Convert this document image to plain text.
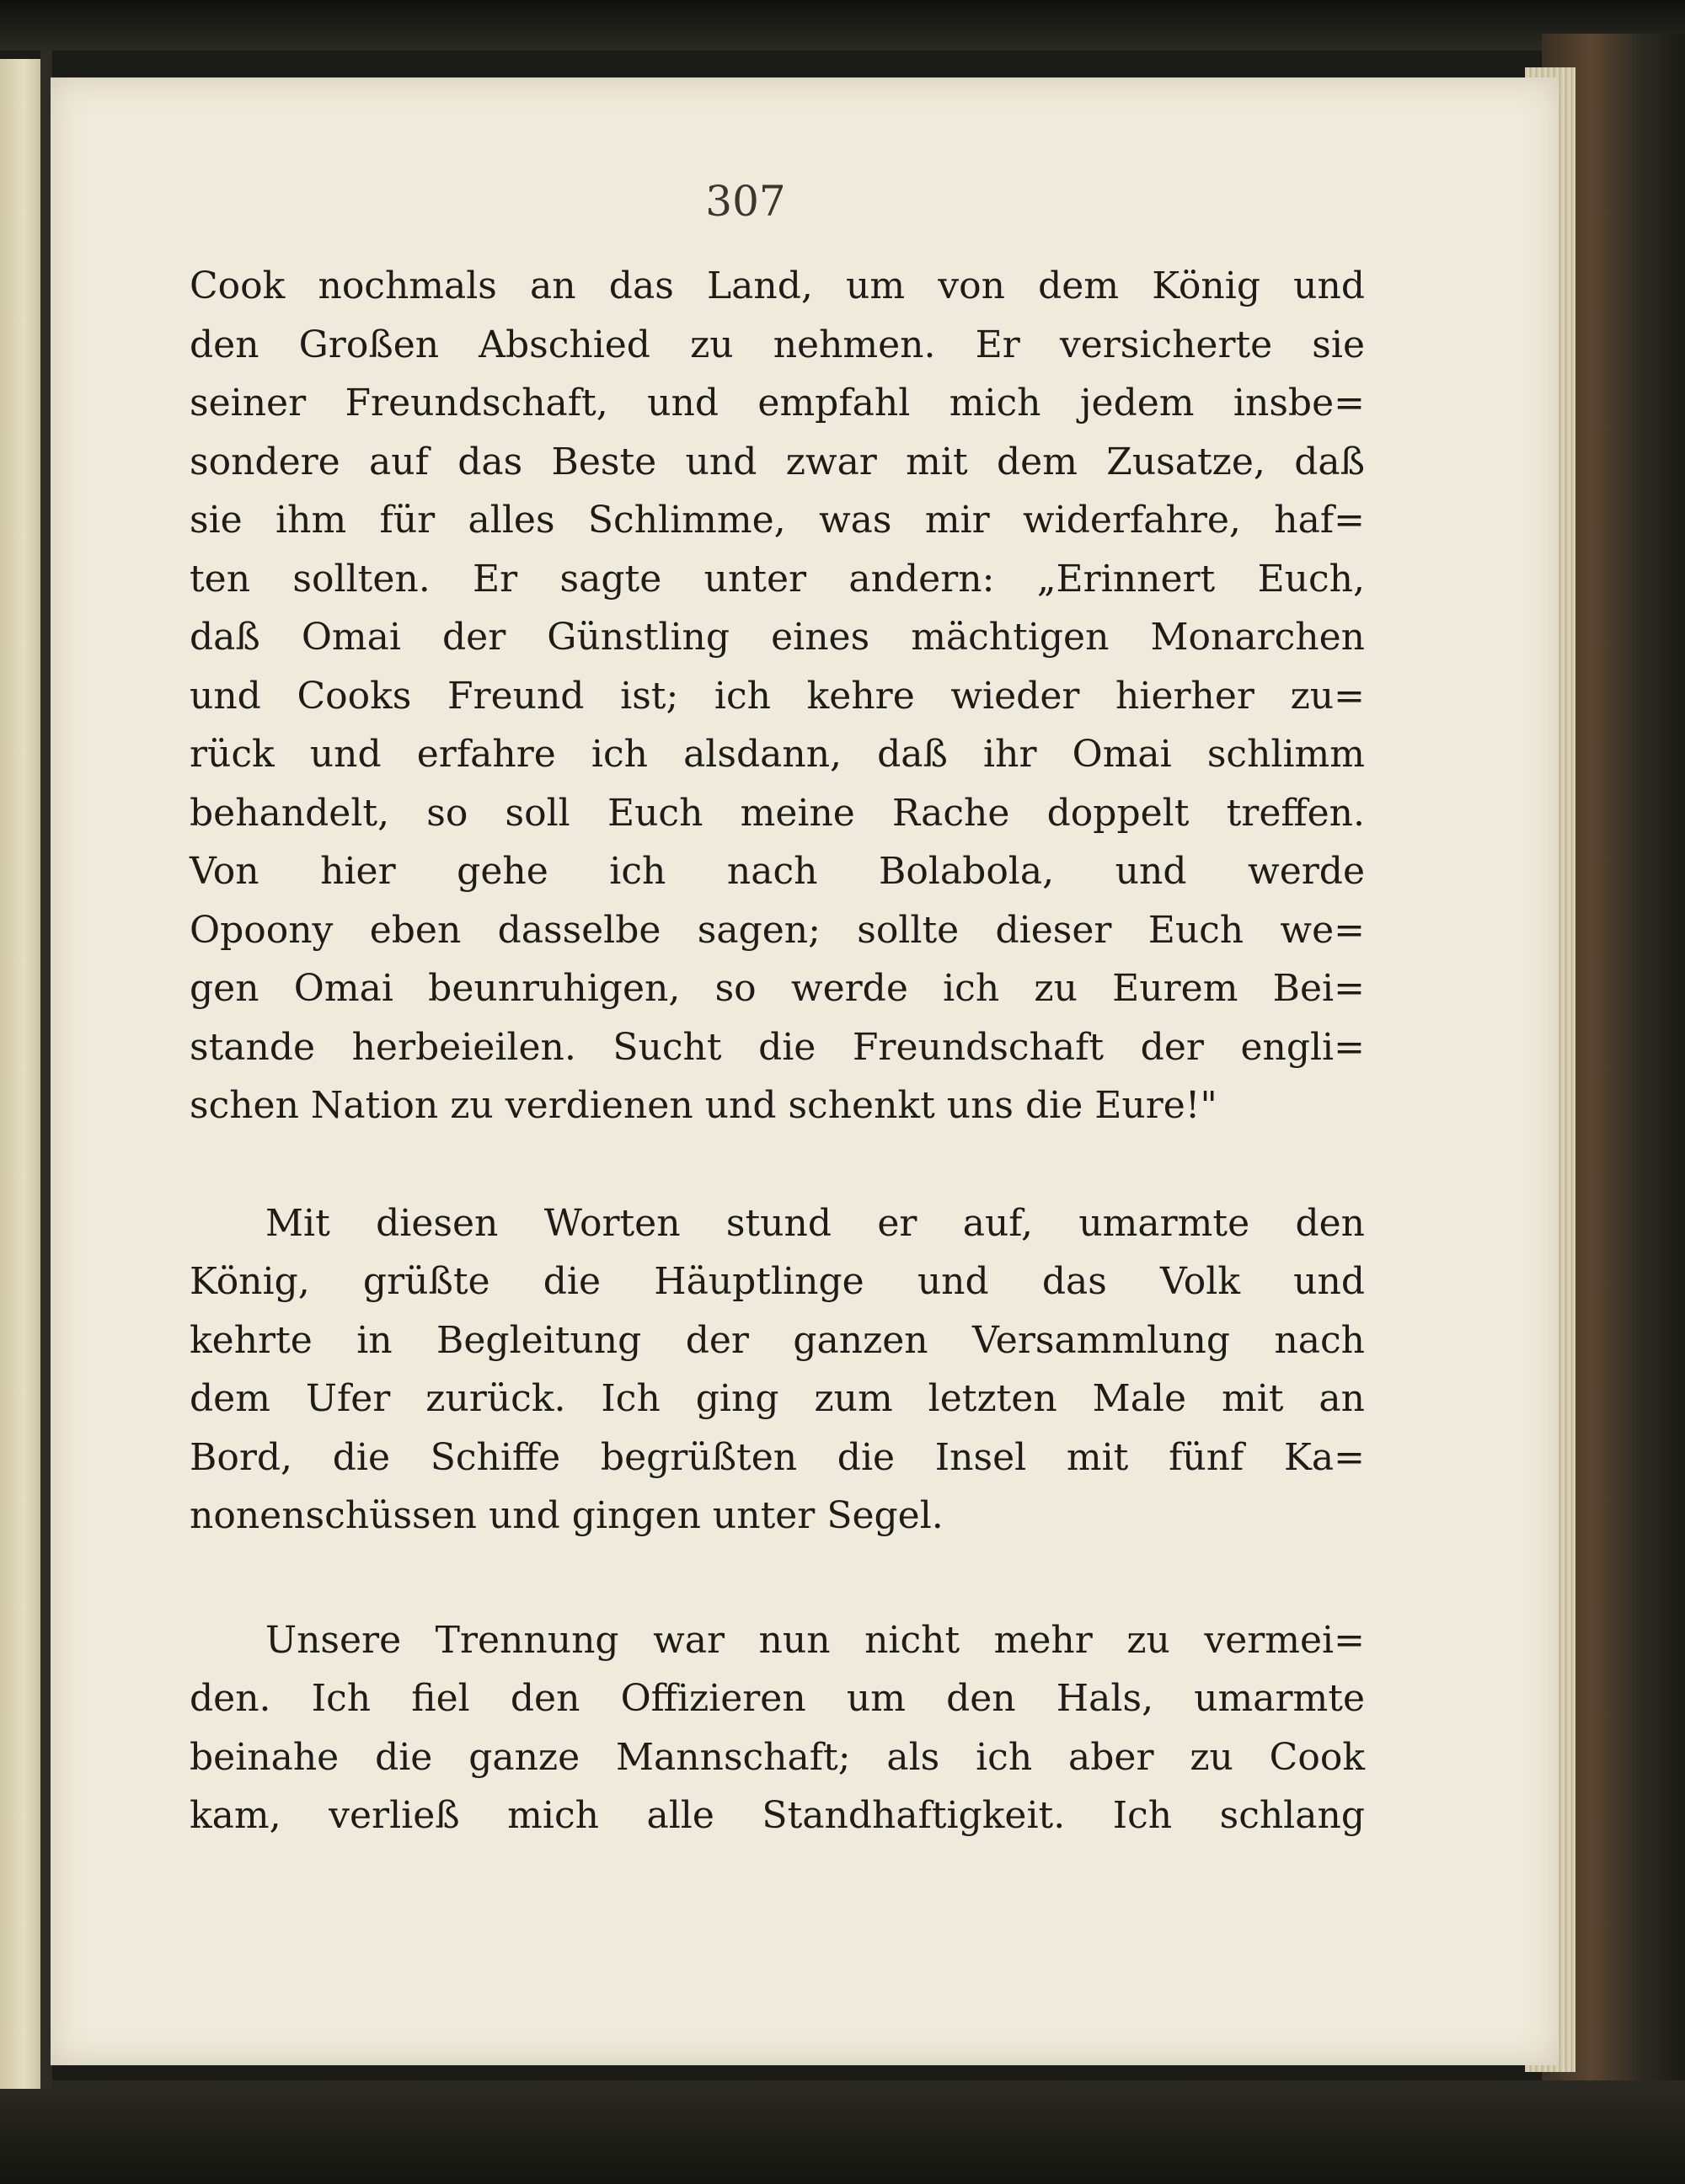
307
Cook nochmals an das Land, um von dem König und
den Großen Abschied zu nehmen. Er versicherte sie
seiner Freundschaft, und empfahl mich jedem insbe=
sondere auf das Beste und zwar mit dem Zusatze, daß
sie ihm für alles Schlimme, was mir widerfahre, haf=
ten sollten. Er sagte unter andern: „Erinnert Euch,
daß Omai der Günstling eines mächtigen Monarchen
und Cooks Freund ist; ich kehre wieder hierher zu=
rück und erfahre ich alsdann, daß ihr Omai schlimm
behandelt, so soll Euch meine Rache doppelt treffen.
Von hier gehe ich nach Bolabola, und werde
Opoony eben dasselbe sagen; sollte dieser Euch we=
gen Omai beunruhigen, so werde ich zu Eurem Bei=
stande herbeieilen. Sucht die Freundschaft der engli=
schen Nation zu verdienen und schenkt uns die Eure!"
Mit diesen Worten stund er auf, umarmte den
König, grüßte die Häuptlinge und das Volk und
kehrte in Begleitung der ganzen Versammlung nach
dem Ufer zurück. Ich ging zum letzten Male mit an
Bord, die Schiffe begrüßten die Insel mit fünf Ka=
nonenschüssen und gingen unter Segel.
Unsere Trennung war nun nicht mehr zu vermei=
den. Ich fiel den Offizieren um den Hals, umarmte
beinahe die ganze Mannschaft; als ich aber zu Cook
kam, verließ mich alle Standhaftigkeit. Ich schlang
